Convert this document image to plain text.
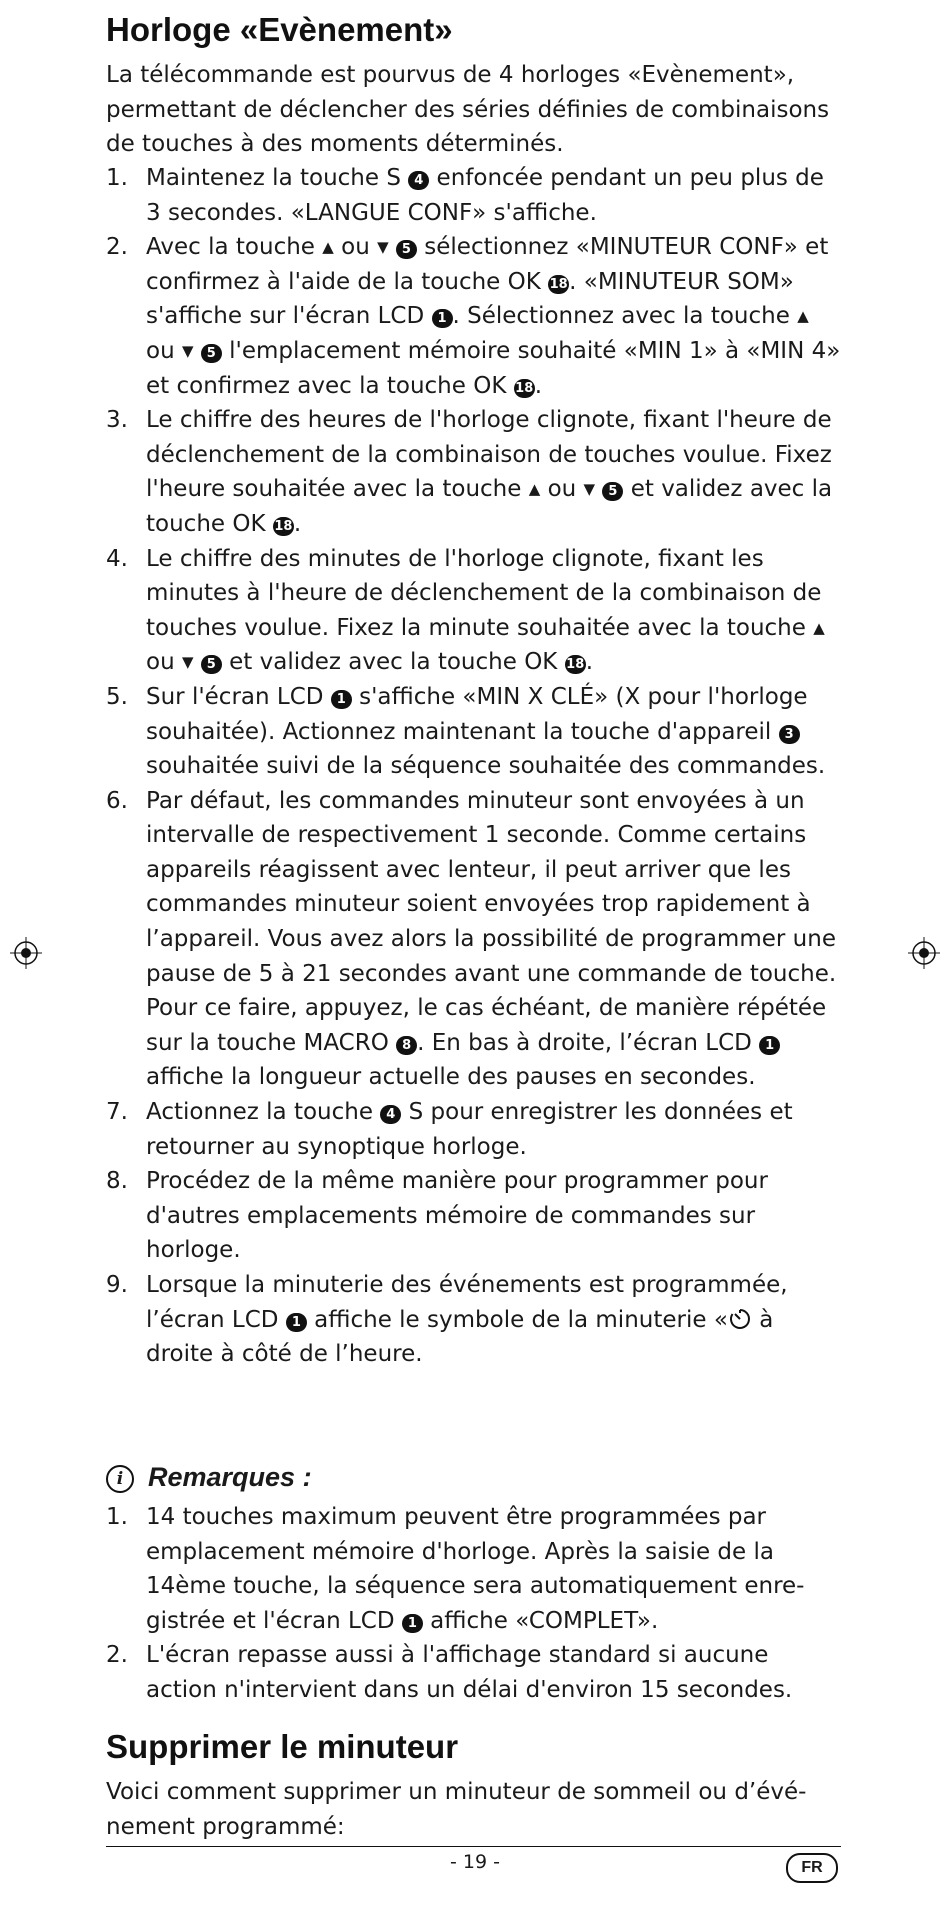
Horloge «Evènement»

La télécommande est pourvus de 4 horloges «Evènement», permettant de déclencher des séries définies de combinaisons de touches à des moments déterminés.

1. Maintenez la touche S 4 enfoncée pendant un peu plus de 3 secondes. «LANGUE CONF» s'affiche.
2. Avec la touche ▲ ou ▼ 5 sélectionnez «MINUTEUR CONF» et confirmez à l'aide de la touche OK 18. «MINUTEUR SOM» s'affiche sur l'écran LCD 1 . Sélectionnez avec la touche ▲ ou ▼ 5 l'emplacement mémoire souhaité «MIN 1» à «MIN 4» et confirmez avec la touche OK 18.
3. Le chiffre des heures de l'horloge clignote, fixant l'heure de déclenchement de la combinaison de touches voulue. Fixez l'heure souhaitée avec la touche ▲ ou ▼ 5 et validez avec la touche OK 18.
4. Le chiffre des minutes de l'horloge clignote, fixant les minutes à l'heure de déclenchement de la combinaison de touches voulue. Fixez la minute souhaitée avec la touche ▲ ou ▼ 5 et validez avec la touche OK 18.
5. Sur l'écran LCD 1 s'affiche «MIN X CLÉ» (X pour l'horloge souhaitée). Actionnez maintenant la touche d'appareil 3 souhaitée suivi de la séquence souhaitée des commandes.
6. Par défaut, les commandes minuteur sont envoyées à un intervalle de respectivement 1 seconde. Comme certains appareils réagissent avec lenteur, il peut arriver que les commandes minuteur soient envoyées trop rapidement à l’appareil. Vous avez alors la possibilité de programmer une pause de 5 à 21 secondes avant une commande de touche. Pour ce faire, appuyez, le cas échéant, de manière répétée sur la touche MACRO 8 . En bas à droite, l’écran LCD 1 affiche la longueur actuelle des pauses en secondes.
7. Actionnez la touche 4 S pour enregistrer les données et retourner au synoptique horloge.
8. Procédez de la même manière pour programmer pour d'autres emplacements mémoire de commandes sur horloge.
9. Lorsque la minuterie des événements est programmée, l’écran LCD 1 affiche le symbole de la minuterie « à droite à côté de l’heure.
i Remarques :
1. 14 touches maximum peuvent être programmées par emplacement mémoire d'horloge. Après la saisie de la 14ème touche, la séquence sera automatiquement enregistrée et l'écran LCD 1 affiche «COMPLET».
2. L'écran repasse aussi à l'affichage standard si aucune action n'intervient dans un délai d'environ 15 secondes.
Supprimer le minuteur

Voici comment supprimer un minuteur de sommeil ou d’événement programmé:

- 19 -	FR
